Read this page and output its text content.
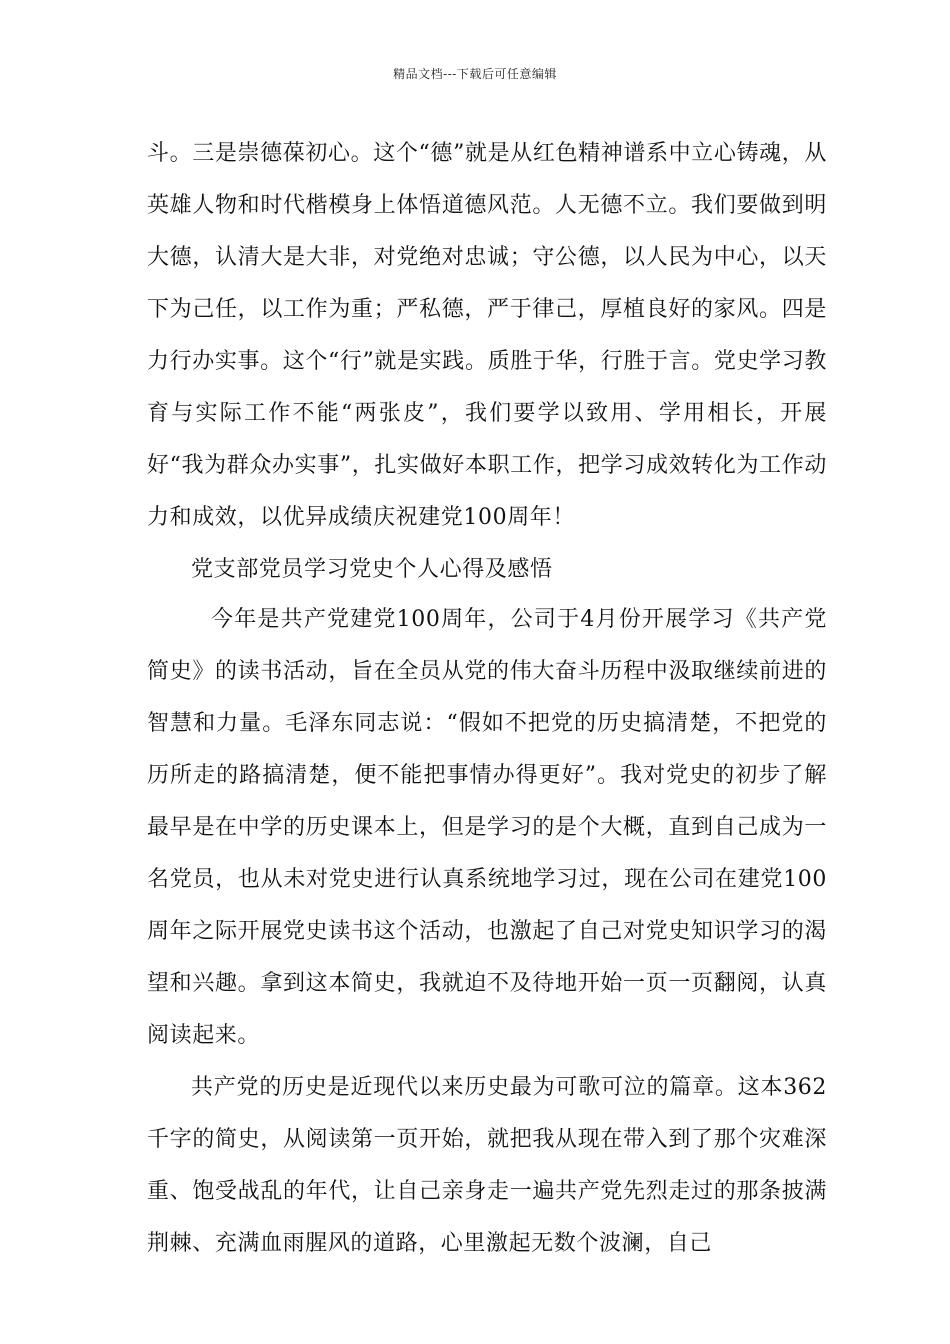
精品文档---下载后可任意编辑

斗。三是崇德葆初心。这个“德”就是从红色精神谱系中立心铸魂，从英雄人物和时代楷模身上体悟道德风范。人无德不立。我们要做到明大德，认清大是大非，对党绝对忠诚；守公德，以人民为中心，以天下为己任，以工作为重；严私德，严于律己，厚植良好的家风。四是力行办实事。这个“行”就是实践。质胜于华，行胜于言。党史学习教育与实际工作不能“两张皮”，我们要学以致用、学用相长，开展好“我为群众办实事”，扎实做好本职工作，把学习成效转化为工作动力和成效，以优异成绩庆祝建党100周年！

党支部党员学习党史个人心得及感悟

今年是共产党建党100周年，公司于4月份开展学习《共产党简史》的读书活动，旨在全员从党的伟大奋斗历程中汲取继续前进的智慧和力量。毛泽东同志说：“假如不把党的历史搞清楚，不把党的历所走的路搞清楚，便不能把事情办得更好”。我对党史的初步了解最早是在中学的历史课本上，但是学习的是个大概，直到自己成为一名党员，也从未对党史进行认真系统地学习过，现在公司在建党100周年之际开展党史读书这个活动，也激起了自己对党史知识学习的渴望和兴趣。拿到这本简史，我就迫不及待地开始一页一页翻阅，认真阅读起来。

共产党的历史是近现代以来历史最为可歌可泣的篇章。这本362千字的简史，从阅读第一页开始，就把我从现在带入到了那个灾难深重、饱受战乱的年代，让自己亲身走一遍共产党先烈走过的那条披满荆棘、充满血雨腥风的道路，心里激起无数个波澜，自己
